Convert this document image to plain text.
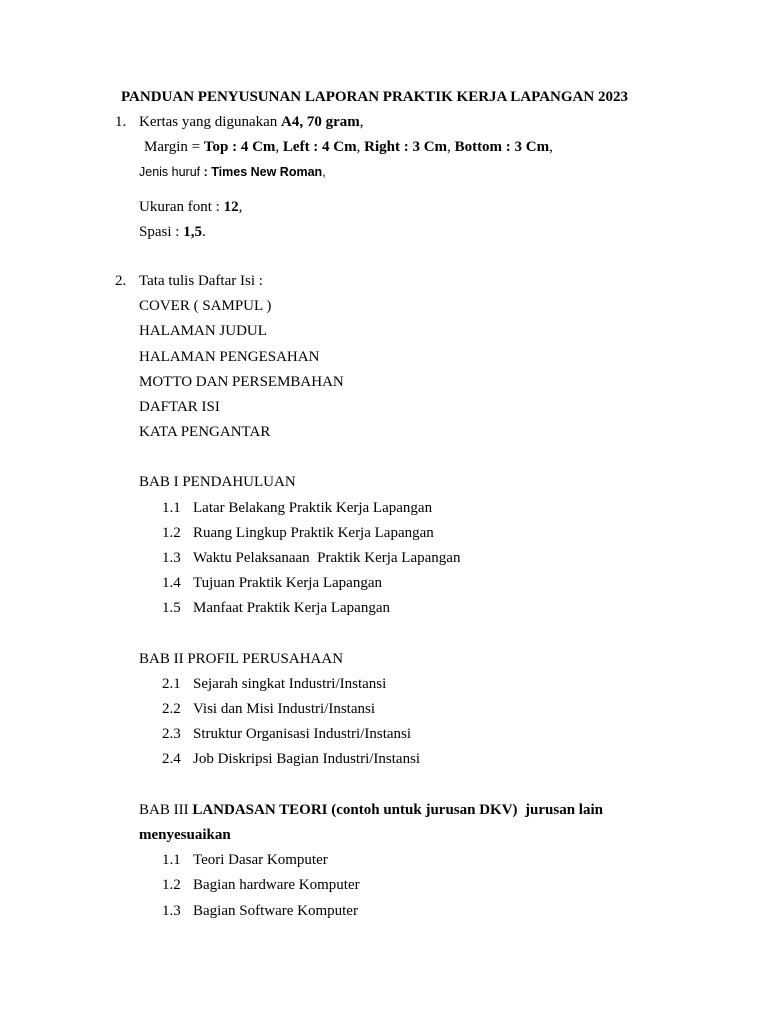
PANDUAN PENYUSUNAN LAPORAN PRAKTIK KERJA LAPANGAN 2023
1. Kertas yang digunakan A4, 70 gram,
Margin = Top : 4 Cm, Left : 4 Cm, Right : 3 Cm, Bottom : 3 Cm,
Jenis huruf : Times New Roman,
Ukuran font : 12,
Spasi : 1,5.
2. Tata tulis Daftar Isi :
COVER ( SAMPUL )
HALAMAN JUDUL
HALAMAN PENGESAHAN
MOTTO DAN PERSEMBAHAN
DAFTAR ISI
KATA PENGANTAR
BAB I PENDAHULUAN
1.1 Latar Belakang Praktik Kerja Lapangan
1.2 Ruang Lingkup Praktik Kerja Lapangan
1.3 Waktu Pelaksanaan  Praktik Kerja Lapangan
1.4 Tujuan Praktik Kerja Lapangan
1.5 Manfaat Praktik Kerja Lapangan
BAB II PROFIL PERUSAHAAN
2.1 Sejarah singkat Industri/Instansi
2.2 Visi dan Misi Industri/Instansi
2.3 Struktur Organisasi Industri/Instansi
2.4 Job Diskripsi Bagian Industri/Instansi
BAB III LANDASAN TEORI (contoh untuk jurusan DKV)  jurusan lain
menyesuaikan
1.1 Teori Dasar Komputer
1.2 Bagian hardware Komputer
1.3 Bagian Software Komputer
